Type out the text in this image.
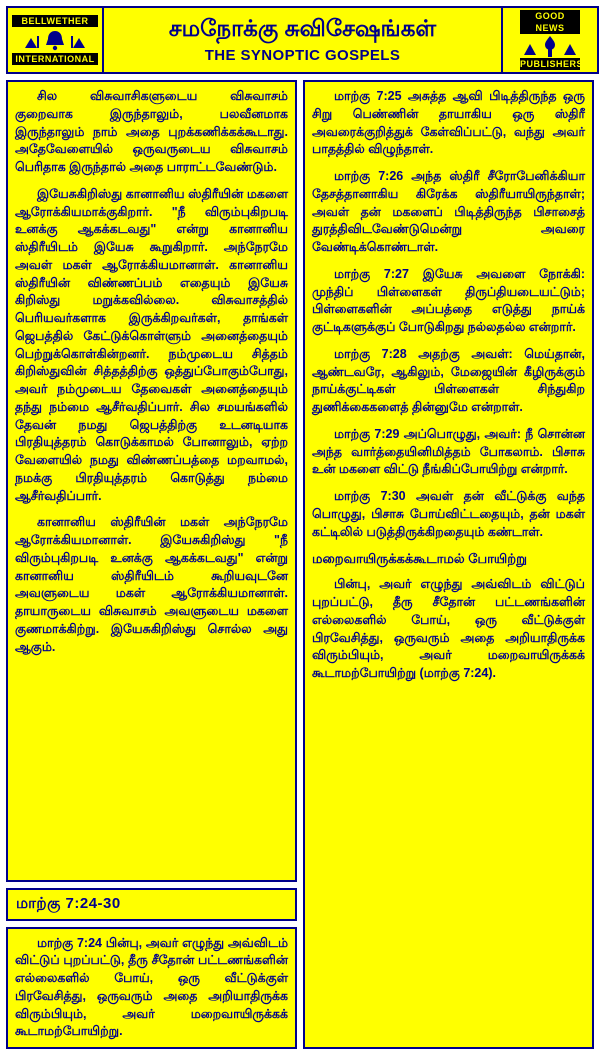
BELLWETHER
INTERNATIONAL
சமநோக்கு சுவிசேஷங்கள்
THE SYNOPTIC GOSPELS
GOOD
NEWS
PUBLISHERS

சில விசுவாசிகளுடைய விசுவாசம் குறைவாக இருந்தாலும், பலவீனமாக இருந்தாலும் நாம் அதை புறக்கணிக்கக்கூடாது. அதேவேளையில் ஒருவருடைய விசுவாசம் பெரிதாக இருந்தால் அதை பாராட்டவேண்டும்.

இயேசுகிறிஸ்து கானானிய ஸ்திரீயின் மகளை ஆரோக்கியமாக்குகிறார். "நீ விரும்புகிறபடி உனக்கு ஆகக்கடவது" என்று கானானிய ஸ்திரீயிடம் இயேசு கூறுகிறார். அந்நேரமே அவள் மகள் ஆரோக்கியமானாள். கானானிய ஸ்திரீயின் விண்ணப்பம் எதையும் இயேசு கிறிஸ்து மறுக்கவில்லை. விசுவாசத்தில் பெரியவர்களாக இருக்கிறவர்கள், தாங்கள் ஜெபத்தில் கேட்டுக்கொள்ளும் அனைத்தையும் பெற்றுக்கொள்கின்றனர். நம்முடைய சித்தம் கிறிஸ்துவின் சித்தத்திற்கு ஒத்துப்போகும்போது, அவர் நம்முடைய தேவைகள் அனைத்தையும் தந்து நம்மை ஆசீர்வதிப்பார். சில சமயங்களில் தேவன் நமது ஜெபத்திற்கு உடனடியாக பிரதியுத்தரம் கொடுக்காமல் போனாலும், ஏற்ற வேளையில் நமது விண்ணப்பத்தை மறவாமல், நமக்கு பிரதியுத்தரம் கொடுத்து நம்மை ஆசீர்வதிப்பார்.

கானானிய ஸ்திரீயின் மகள் அந்நேரமே ஆரோக்கியமானாள். இயேசுகிறிஸ்து "நீ விரும்புகிறபடி உனக்கு ஆகக்கடவது" என்று கானானிய ஸ்திரீயிடம் கூறியவுடனே அவளுடைய மகள் ஆரோக்கியமானாள். தாயாருடைய விசுவாசம் அவளுடைய மகளை குணமாக்கிற்று. இயேசுகிறிஸ்து சொல்ல அது ஆகும்.

மாற்கு 7:24-30

மாற்கு 7:24 பின்பு, அவர் எழுந்து அவ்விடம் விட்டுப் புறப்பட்டு, தீரு சீதோன் பட்டணங்களின் எல்லைகளில் போய், ஒரு வீட்டுக்குள் பிரவேசித்து, ஒருவரும் அதை அறியாதிருக்க விரும்பியும், அவர் மறைவாயிருக்கக் கூடாமற்போயிற்று.

மாற்கு 7:25 அசுத்த ஆவி பிடித்திருந்த ஒரு சிறு பெண்ணின் தாயாகிய ஒரு ஸ்திரீ அவரைக்குறித்துக் கேள்விப்பட்டு, வந்து அவர் பாதத்தில் விழுந்தாள்.

மாற்கு 7:26 அந்த ஸ்திரீ சீரோபேனிக்கியா தேசத்தானாகிய கிரேக்க ஸ்திரீயாயிருந்தாள்; அவள் தன் மகளைப் பிடித்திருந்த பிசாசைத் துரத்திவிடவேண்டுமென்று அவரை வேண்டிக்கொண்டாள்.

மாற்கு 7:27 இயேசு அவளை நோக்கி: முந்திப் பிள்ளைகள் திருப்தியடையட்டும்; பிள்ளைகளின் அப்பத்தை எடுத்து நாய்க் குட்டிகளுக்குப் போடுகிறது நல்லதல்ல என்றார்.

மாற்கு 7:28 அதற்கு அவள்: மெய்தான், ஆண்டவரே, ஆகிலும், மேஜையின் கீழிருக்கும் நாய்க்குட்டிகள் பிள்ளைகள் சிந்துகிற துணிக்கைகளைத் தின்னுமே என்றாள்.

மாற்கு 7:29 அப்பொழுது, அவர்: நீ சொன்ன அந்த வார்த்தையினிமித்தம் போகலாம். பிசாசு உன் மகளை விட்டு நீங்கிப்போயிற்று என்றார்.

மாற்கு 7:30 அவள் தன் வீட்டுக்கு வந்த பொழுது, பிசாசு போய்விட்டதையும், தன் மகள் கட்டிலில் படுத்திருக்கிறதையும் கண்டாள்.

மறைவாயிருக்கக்கூடாமல் போயிற்று

பின்பு, அவர் எழுந்து அவ்விடம் விட்டுப் புறப்பட்டு, தீரு சீதோன் பட்டணங்களின் எல்லைகளில் போய், ஒரு வீட்டுக்குள் பிரவேசித்து, ஒருவரும் அதை அறியாதிருக்க விரும்பியும், அவர் மறைவாயிருக்கக் கூடாமற்போயிற்று (மாற்கு 7:24).
